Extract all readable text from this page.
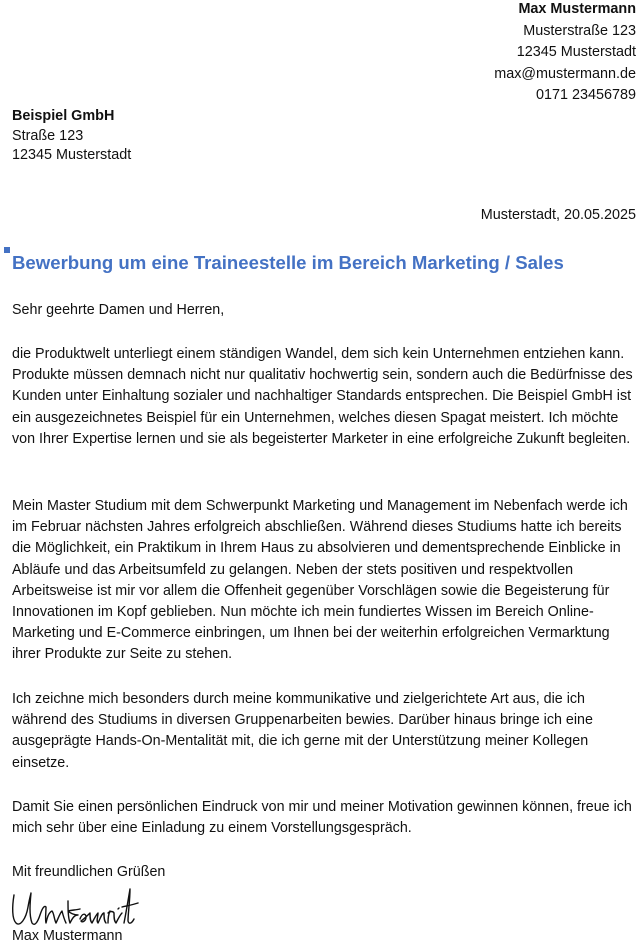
Max Mustermann
Musterstraße 123
12345 Musterstadt
max@mustermann.de
0171 23456789
Beispiel GmbH
Straße 123
12345 Musterstadt
Musterstadt, 20.05.2025
Bewerbung um eine Traineestelle im Bereich Marketing / Sales
Sehr geehrte Damen und Herren,
die Produktwelt unterliegt einem ständigen Wandel, dem sich kein Unternehmen entziehen kann. Produkte müssen demnach nicht nur qualitativ hochwertig sein, sondern auch die Bedürfnisse des Kunden unter Einhaltung sozialer und nachhaltiger Standards entsprechen. Die Beispiel GmbH ist ein ausgezeichnetes Beispiel für ein Unternehmen, welches diesen Spagat meistert. Ich möchte von Ihrer Expertise lernen und sie als begeisterter Marketer in eine erfolgreiche Zukunft begleiten.
Mein Master Studium mit dem Schwerpunkt Marketing und Management im Nebenfach werde ich im Februar nächsten Jahres erfolgreich abschließen. Während dieses Studiums hatte ich bereits die Möglichkeit, ein Praktikum in Ihrem Haus zu absolvieren und dementsprechende Einblicke in Abläufe und das Arbeitsumfeld zu gelangen. Neben der stets positiven und respektvollen Arbeitsweise ist mir vor allem die Offenheit gegenüber Vorschlägen sowie die Begeisterung für Innovationen im Kopf geblieben. Nun möchte ich mein fundiertes Wissen im Bereich Online-Marketing und E-Commerce einbringen, um Ihnen bei der weiterhin erfolgreichen Vermarktung ihrer Produkte zur Seite zu stehen.
Ich zeichne mich besonders durch meine kommunikative und zielgerichtete Art aus, die ich während des Studiums in diversen Gruppenarbeiten bewies. Darüber hinaus bringe ich eine ausgeprägte Hands-On-Mentalität mit, die ich gerne mit der Unterstützung meiner Kollegen einsetze.
Damit Sie einen persönlichen Eindruck von mir und meiner Motivation gewinnen können, freue ich mich sehr über eine Einladung zu einem Vorstellungsgespräch.
Mit freundlichen Grüßen
Max Mustermann
